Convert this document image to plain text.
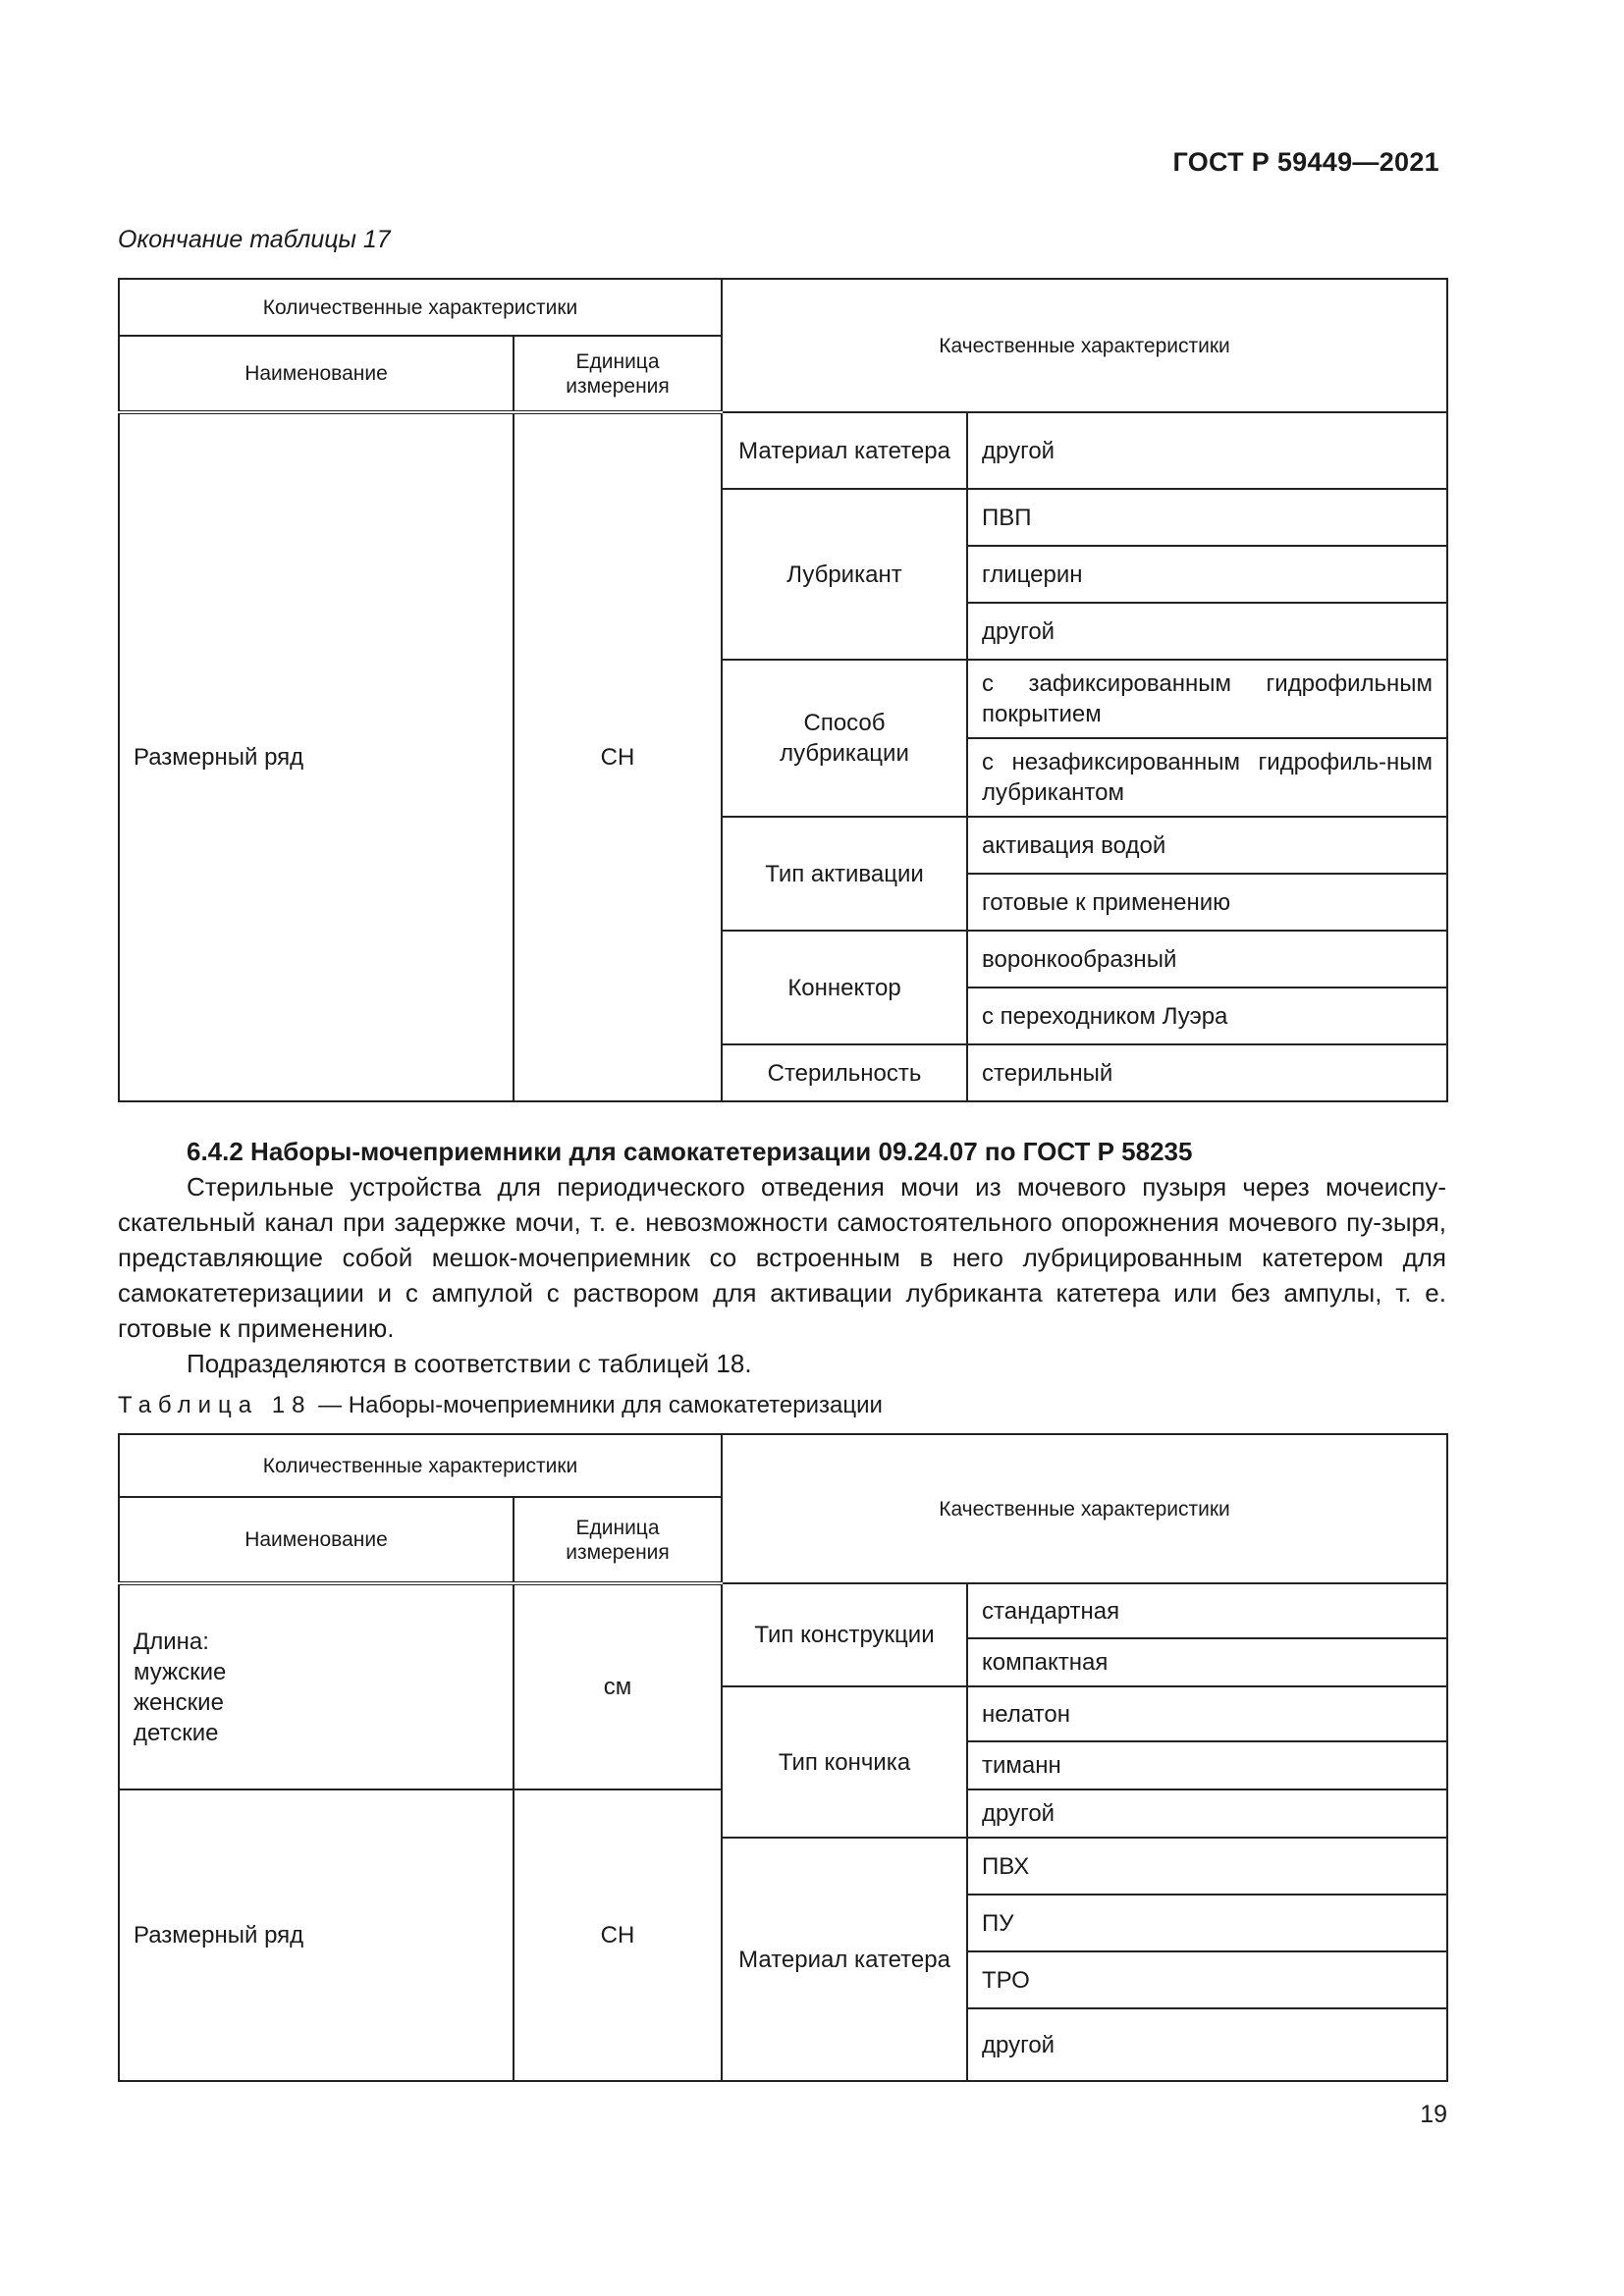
ГОСТ Р 59449—2021
Окончание таблицы 17
Количественные характеристики		Качественные характеристики	
Наименование	Единица измерения		
Размерный ряд	СН	Материал катетера	другой
		Лубрикант	ПВП
			глицерин
			другой
		Способ лубрикации	с зафиксированным гидрофильным покрытием
			с незафиксированным гидрофиль-ным лубрикантом
		Тип активации	активация водой
			готовые к применению
		Коннектор	воронкообразный
			с переходником Луэра
		Стерильность	стерильный
6.4.2 Наборы-мочеприемники для самокатетеризации 09.24.07 по ГОСТ Р 58235

Стерильные устройства для периодического отведения мочи из мочевого пузыря через мочеиспу-скательный канал при задержке мочи, т. е. невозможности самостоятельного опорожнения мочевого пу-зыря, представляющие собой мешок-мочеприемник со встроенным в него лубрицированным катетером для самокатетеризациии и с ампулой с раствором для активации лубриканта катетера или без ампулы, т. е. готовые к применению.

Подразделяются в соответствии с таблицей 18.

Таблица 18 — Наборы-мочеприемники для самокатетеризации
Количественные характеристики		Качественные характеристики	
Наименование	Единица измерения		

Длина:
мужские
женские
детские	см	Тип конструкции	стандартная
			компактная
		Тип кончика	нелатон
			тиманн
Размерный ряд	СН		другой
		Материал катетера	ПВХ
			ПУ
			ТРО
			другой
19
